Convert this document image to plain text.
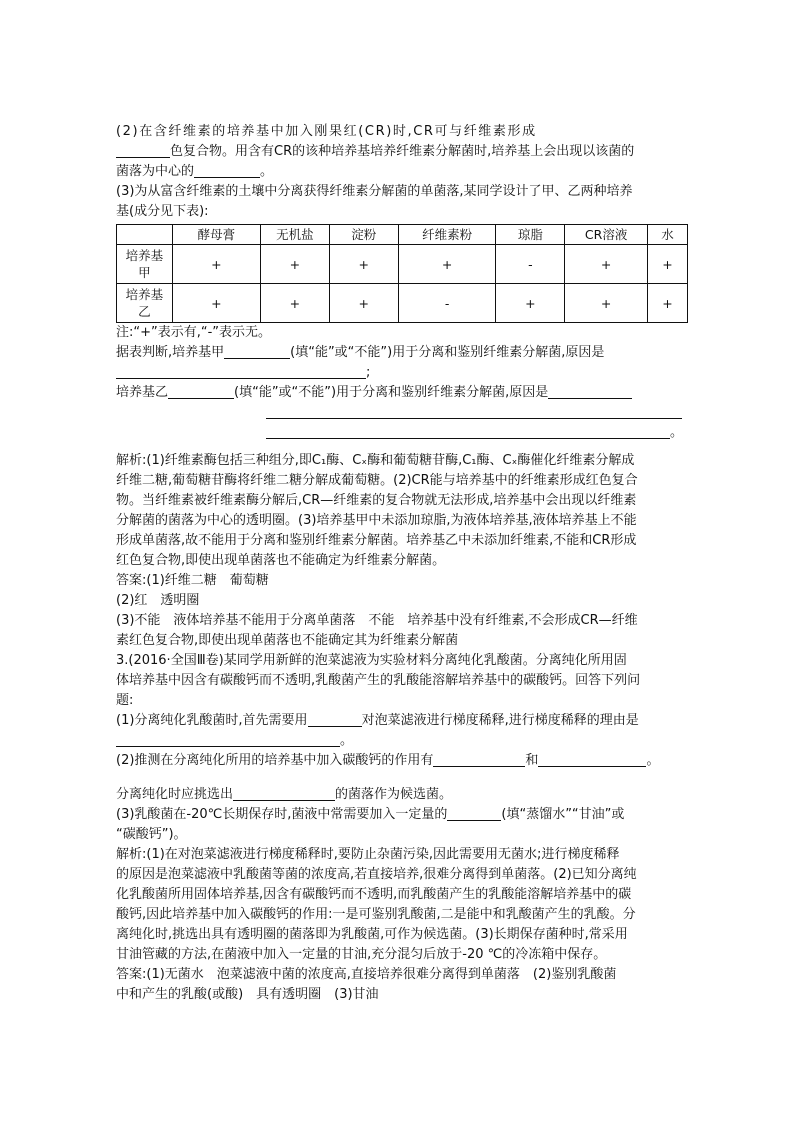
(2)在含纤维素的培养基中加入刚果红(CR)时,CR可与纤维素形成

色复合物。用含有CR的该种培养基培养纤维素分解菌时,培养基上会出现以该菌的

菌落为中心的	。

(3)为从富含纤维素的土壤中分离获得纤维素分解菌的单菌落,某同学设计了甲、乙两种培养

基(成分见下表):

	酵母膏	无机盐	淀粉	纤维素粉	琼脂	CR溶液	水
培养基甲	+	+	+	+	-	+	+
培养基乙	+	+	+	-	+	+	+

注:“+”表示有,“-”表示无。

据表判断,培养基甲	(填“能”或“不能”)用于分离和鉴别纤维素分解菌,原因是

;

培养基乙	(填“能”或“不能”)用于分离和鉴别纤维素分解菌,原因是

。

解析:(1)纤维素酶包括三种组分,即C₁酶、Cₓ酶和葡萄糖苷酶,C₁酶、Cₓ酶催化纤维素分解成

纤维二糖,葡萄糖苷酶将纤维二糖分解成葡萄糖。(2)CR能与培养基中的纤维素形成红色复合

物。当纤维素被纤维素酶分解后,CR—纤维素的复合物就无法形成,培养基中会出现以纤维素

分解菌的菌落为中心的透明圈。(3)培养基甲中未添加琼脂,为液体培养基,液体培养基上不能

形成单菌落,故不能用于分离和鉴别纤维素分解菌。培养基乙中未添加纤维素,不能和CR形成

红色复合物,即使出现单菌落也不能确定为纤维素分解菌。

答案:(1)纤维二糖　葡萄糖

(2)红　透明圈

(3)不能　液体培养基不能用于分离单菌落　不能　培养基中没有纤维素,不会形成CR—纤维

素红色复合物,即使出现单菌落也不能确定其为纤维素分解菌

3.(2016·全国Ⅲ卷)某同学用新鲜的泡菜滤液为实验材料分离纯化乳酸菌。分离纯化所用固

体培养基中因含有碳酸钙而不透明,乳酸菌产生的乳酸能溶解培养基中的碳酸钙。回答下列问

题:

(1)分离纯化乳酸菌时,首先需要用	对泡菜滤液进行梯度稀释,进行梯度稀释的理由是

。

(2)推测在分离纯化所用的培养基中加入碳酸钙的作用有	和	。

分离纯化时应挑选出	的菌落作为候选菌。

(3)乳酸菌在-20℃长期保存时,菌液中常需要加入一定量的	(填“蒸馏水”“甘油”或

“碳酸钙”)。

解析:(1)在对泡菜滤液进行梯度稀释时,要防止杂菌污染,因此需要用无菌水;进行梯度稀释

的原因是泡菜滤液中乳酸菌等菌的浓度高,若直接培养,很难分离得到单菌落。(2)已知分离纯

化乳酸菌所用固体培养基,因含有碳酸钙而不透明,而乳酸菌产生的乳酸能溶解培养基中的碳

酸钙,因此培养基中加入碳酸钙的作用:一是可鉴别乳酸菌,二是能中和乳酸菌产生的乳酸。分

离纯化时,挑选出具有透明圈的菌落即为乳酸菌,可作为候选菌。(3)长期保存菌种时,常采用

甘油管藏的方法,在菌液中加入一定量的甘油,充分混匀后放于-20 ℃的冷冻箱中保存。

答案:(1)无菌水　泡菜滤液中菌的浓度高,直接培养很难分离得到单菌落　(2)鉴别乳酸菌

中和产生的乳酸(或酸)　具有透明圈　(3)甘油
